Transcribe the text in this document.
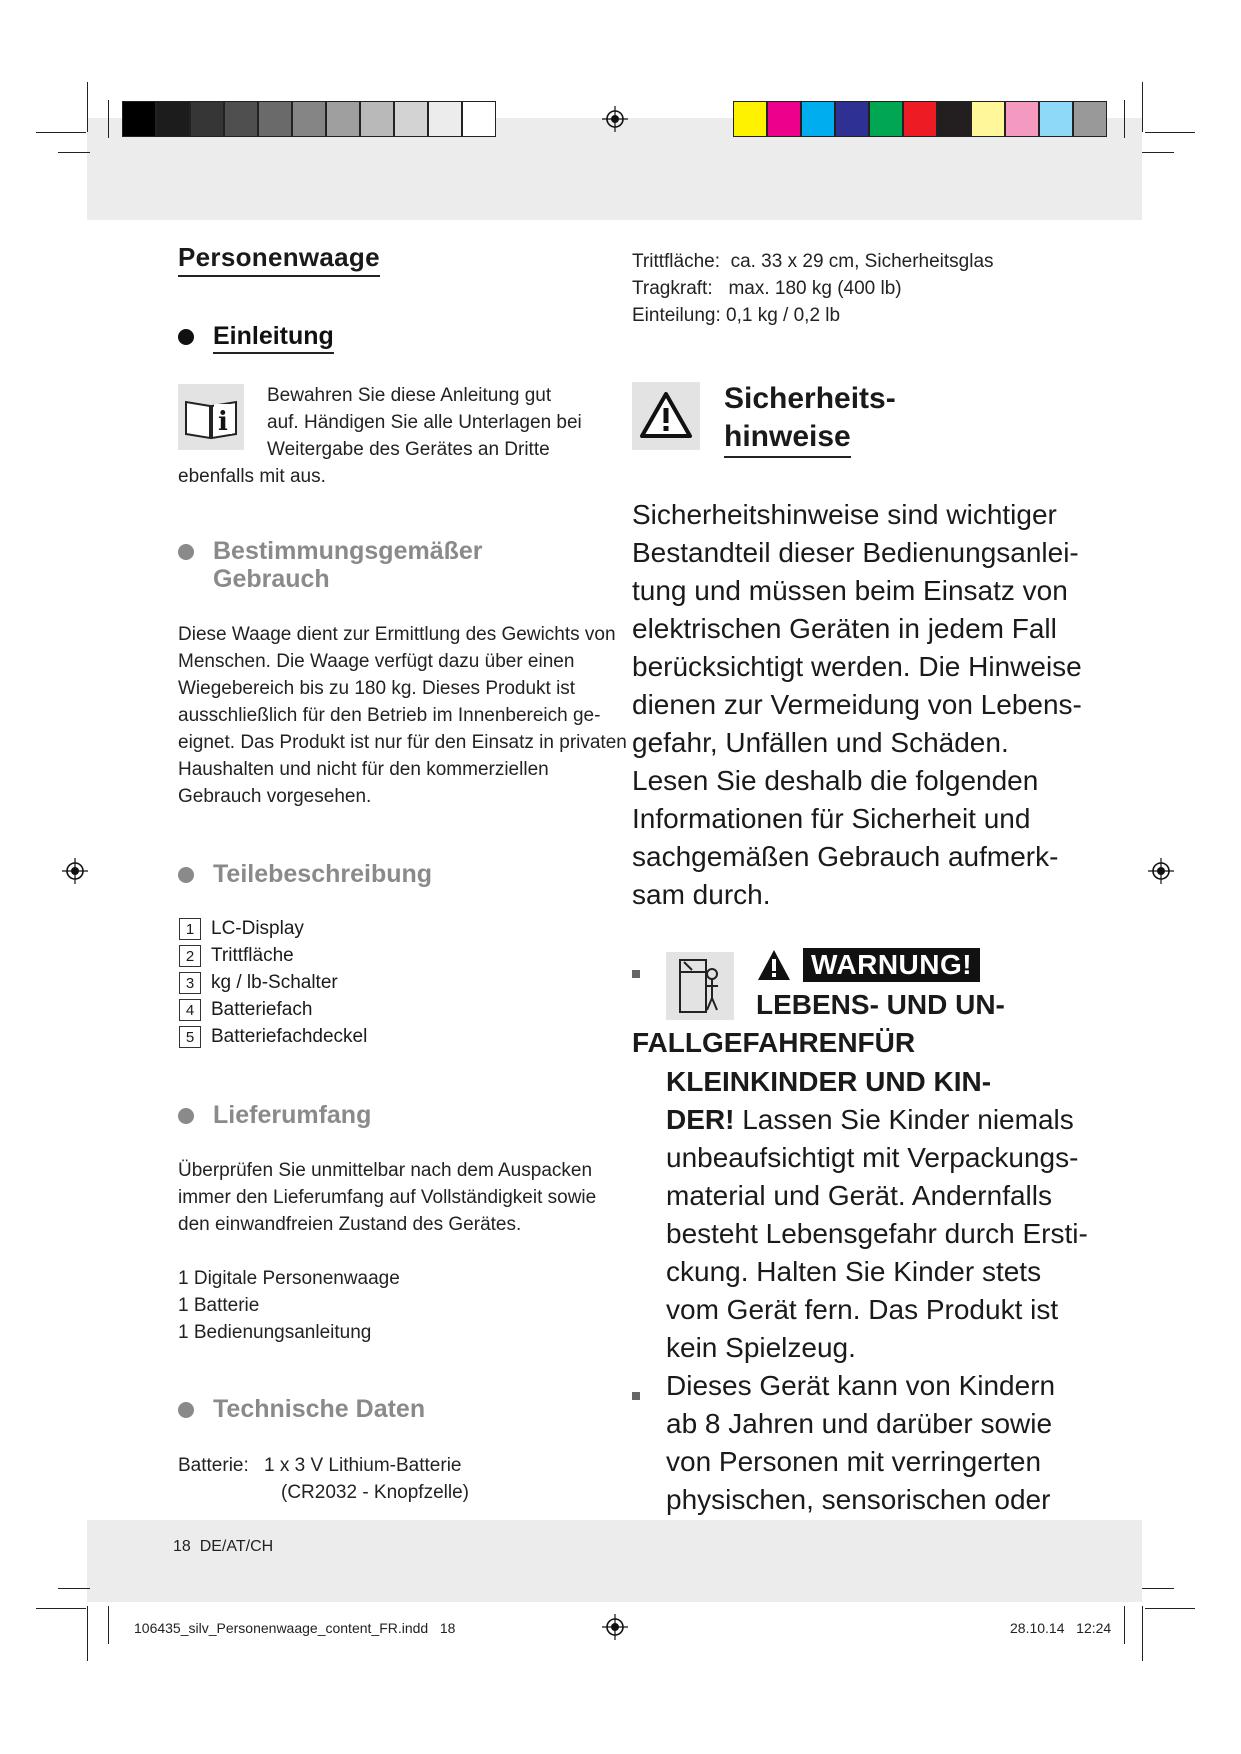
Personenwaage
Einleitung
i
Bewahren Sie diese Anleitung gut
auf. Händigen Sie alle Unterlagen bei
Weitergabe des Gerätes an Dritte
ebenfalls mit aus.
Bestimmungsgemäßer
Gebrauch
Diese Waage dient zur Ermittlung des Gewichts von
Menschen. Die Waage verfügt dazu über einen
Wiegebereich bis zu 180 kg. Dieses Produkt ist
ausschließlich für den Betrieb im Innenbereich ge-
eignet. Das Produkt ist nur für den Einsatz in privaten
Haushalten und nicht für den kommerziellen
Gebrauch vorgesehen.
Teilebeschreibung
1 LC-Display
2 Trittfläche
3 kg / lb-Schalter
4 Batteriefach
5 Batteriefachdeckel
Lieferumfang
Überprüfen Sie unmittelbar nach dem Auspacken
immer den Lieferumfang auf Vollständigkeit sowie
den einwandfreien Zustand des Gerätes.
1 Digitale Personenwaage
1 Batterie
1 Bedienungsanleitung
Technische Daten
Batterie: 1 x 3 V Lithium-Batterie
(CR2032 - Knopfzelle)
Trittfläche: ca. 33 x 29 cm, Sicherheitsglas
Tragkraft: max. 180 kg (400 lb)
Einteilung: 0,1 kg / 0,2 lb
Sicherheits-
hinweise
Sicherheitshinweise sind wichtiger
Bestandteil dieser Bedienungsanlei-
tung und müssen beim Einsatz von
elektrischen Geräten in jedem Fall
berücksichtigt werden. Die Hinweise
dienen zur Vermeidung von Lebens-
gefahr, Unfällen und Schäden.
Lesen Sie deshalb die folgenden
Informationen für Sicherheit und
sachgemäßen Gebrauch aufmerk-
sam durch.
WARNUNG!
LEBENS- UND UN-
FALLGEFAHRENFÜR
KLEINKINDER UND KIN-
DER! Lassen Sie Kinder niemals
unbeaufsichtigt mit Verpackungs-
material und Gerät. Andernfalls
besteht Lebensgefahr durch Ersti-
ckung. Halten Sie Kinder stets
vom Gerät fern. Das Produkt ist
kein Spielzeug.
Dieses Gerät kann von Kindern
ab 8 Jahren und darüber sowie
von Personen mit verringerten
physischen, sensorischen oder
18  DE/AT/CH
106435_silv_Personenwaage_content_FR.indd   18	28.10.14   12:24
